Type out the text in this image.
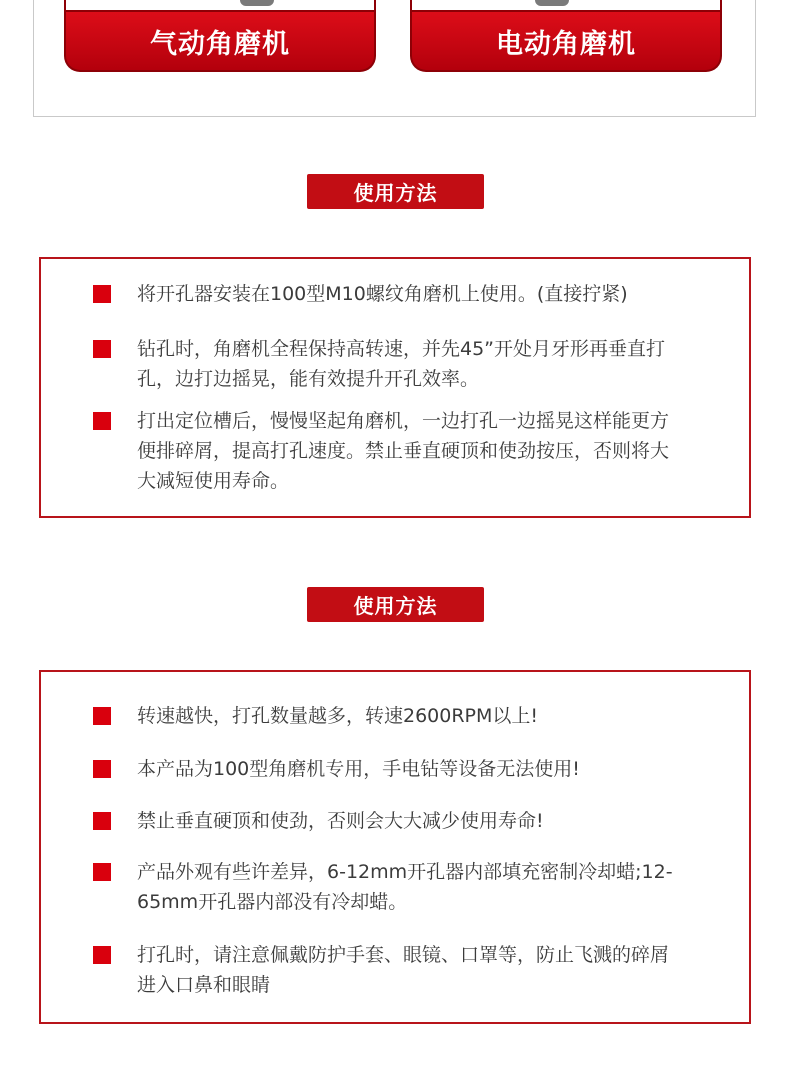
气动角磨机	电动角磨机
使用方法

将开孔器安装在100型M10螺纹角磨机上使用。(直接拧紧)

钻孔时，角磨机全程保持高转速，并先45”开处月牙形再垂直打孔，边打边摇晃，能有效提升开孔效率。

打出定位槽后，慢慢坚起角磨机，一边打孔一边摇晃这样能更方便排碎屑，提高打孔速度。禁止垂直硬顶和使劲按压，否则将大大减短使用寿命。

使用方法

转速越快，打孔数量越多，转速2600RPM以上!

本产品为100型角磨机专用，手电钻等设备无法使用!

禁止垂直硬顶和使劲，否则会大大减少使用寿命!

产品外观有些许差异，6-12mm开孔器内部填充密制冷却蜡;12-65mm开孔器内部没有冷却蜡。

打孔时，请注意佩戴防护手套、眼镜、口罩等，防止飞溅的碎屑进入口鼻和眼睛
